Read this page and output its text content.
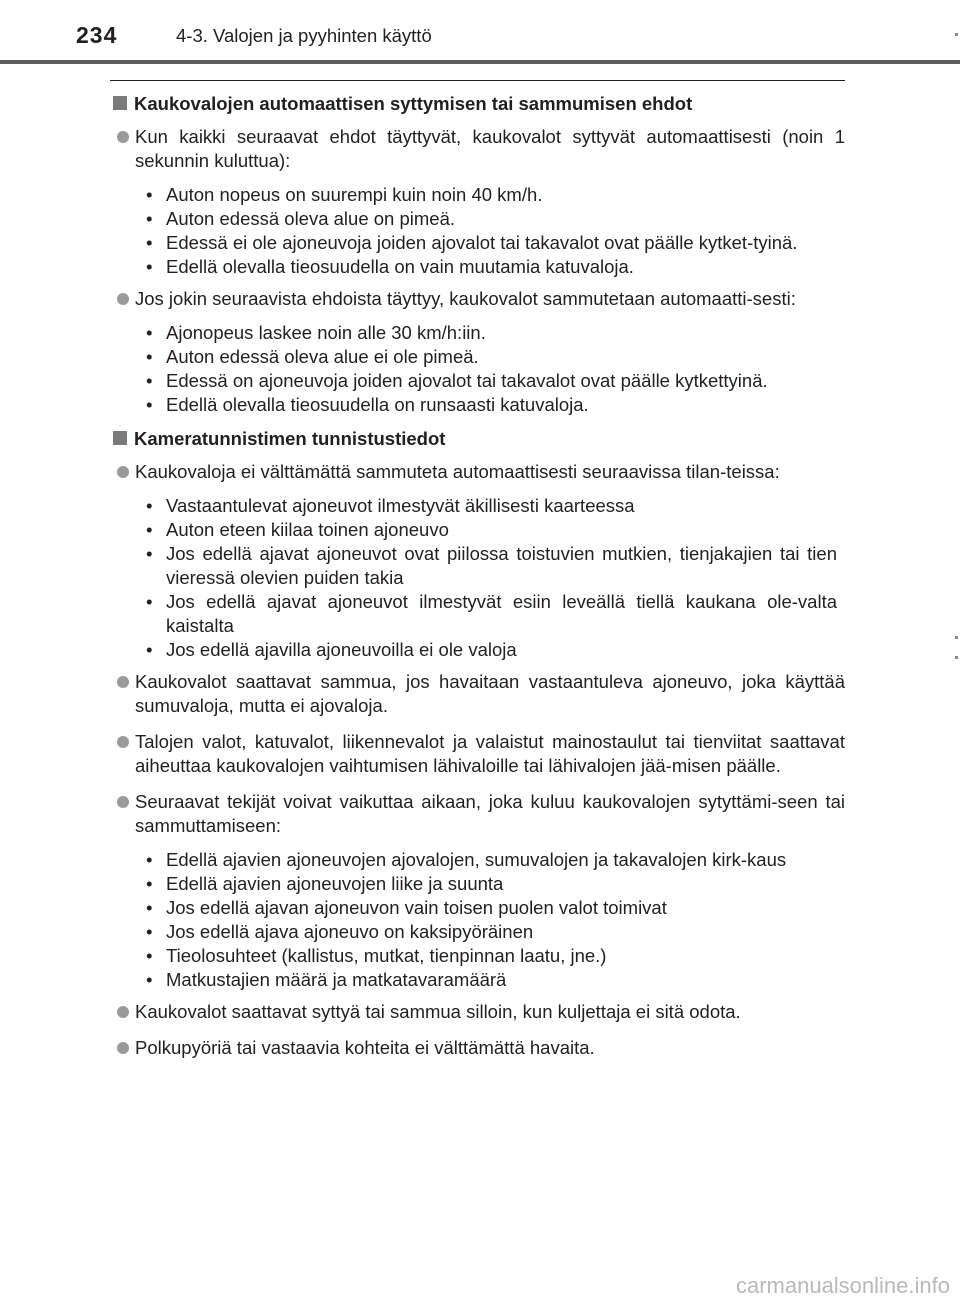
234	4-3. Valojen ja pyyhinten käyttö
Kaukovalojen automaattisen syttymisen tai sammumisen ehdot
Kun kaikki seuraavat ehdot täyttyvät, kaukovalot syttyvät automaattisesti (noin 1 sekunnin kuluttua):
• Auton nopeus on suurempi kuin noin 40 km/h.
• Auton edessä oleva alue on pimeä.
• Edessä ei ole ajoneuvoja joiden ajovalot tai takavalot ovat päälle kytket-tyinä.
• Edellä olevalla tieosuudella on vain muutamia katuvaloja.
Jos jokin seuraavista ehdoista täyttyy, kaukovalot sammutetaan automaatti-sesti:
• Ajonopeus laskee noin alle 30 km/h:iin.
• Auton edessä oleva alue ei ole pimeä.
• Edessä on ajoneuvoja joiden ajovalot tai takavalot ovat päälle kytkettyinä.
• Edellä olevalla tieosuudella on runsaasti katuvaloja.
Kameratunnistimen tunnistustiedot
Kaukovaloja ei välttämättä sammuteta automaattisesti seuraavissa tilan-teissa:
• Vastaantulevat ajoneuvot ilmestyvät äkillisesti kaarteessa
• Auton eteen kiilaa toinen ajoneuvo
• Jos edellä ajavat ajoneuvot ovat piilossa toistuvien mutkien, tienjakajien tai tien vieressä olevien puiden takia
• Jos edellä ajavat ajoneuvot ilmestyvät esiin leveällä tiellä kaukana ole-valta kaistalta
• Jos edellä ajavilla ajoneuvoilla ei ole valoja
Kaukovalot saattavat sammua, jos havaitaan vastaantuleva ajoneuvo, joka käyttää sumuvaloja, mutta ei ajovaloja.
Talojen valot, katuvalot, liikennevalot ja valaistut mainostaulut tai tienviitat saattavat aiheuttaa kaukovalojen vaihtumisen lähivaloille tai lähivalojen jää-misen päälle.
Seuraavat tekijät voivat vaikuttaa aikaan, joka kuluu kaukovalojen sytyttämi-seen tai sammuttamiseen:
• Edellä ajavien ajoneuvojen ajovalojen, sumuvalojen ja takavalojen kirk-kaus
• Edellä ajavien ajoneuvojen liike ja suunta
• Jos edellä ajavan ajoneuvon vain toisen puolen valot toimivat
• Jos edellä ajava ajoneuvo on kaksipyöräinen
• Tieolosuhteet (kallistus, mutkat, tienpinnan laatu, jne.)
• Matkustajien määrä ja matkatavaramäärä
Kaukovalot saattavat syttyä tai sammua silloin, kun kuljettaja ei sitä odota.
Polkupyöriä tai vastaavia kohteita ei välttämättä havaita.
carmanualsonline.info
